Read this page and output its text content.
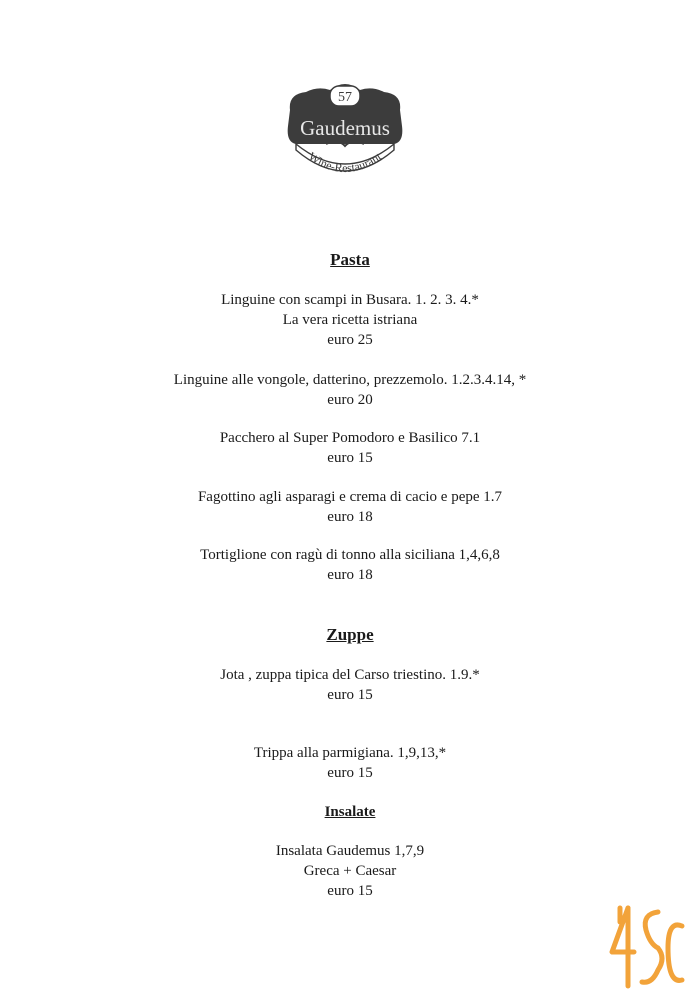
57
Gaudemus
Wine-Restaurant
Pasta
Linguine con scampi in Busara. 1. 2. 3. 4.*
La vera ricetta istriana
euro 25
Linguine alle vongole, datterino, prezzemolo. 1.2.3.4.14, *
euro 20
Pacchero al Super Pomodoro e Basilico 7.1
euro 15
Fagottino agli asparagi e crema di cacio e pepe 1.7
euro 18
Tortiglione con ragù di tonno alla siciliana 1,4,6,8
euro 18
Zuppe
Jota , zuppa tipica del Carso triestino. 1.9.*
euro 15
Trippa alla parmigiana. 1,9,13,*
euro 15
Insalate
Insalata Gaudemus 1,7,9
Greca + Caesar
euro 15
